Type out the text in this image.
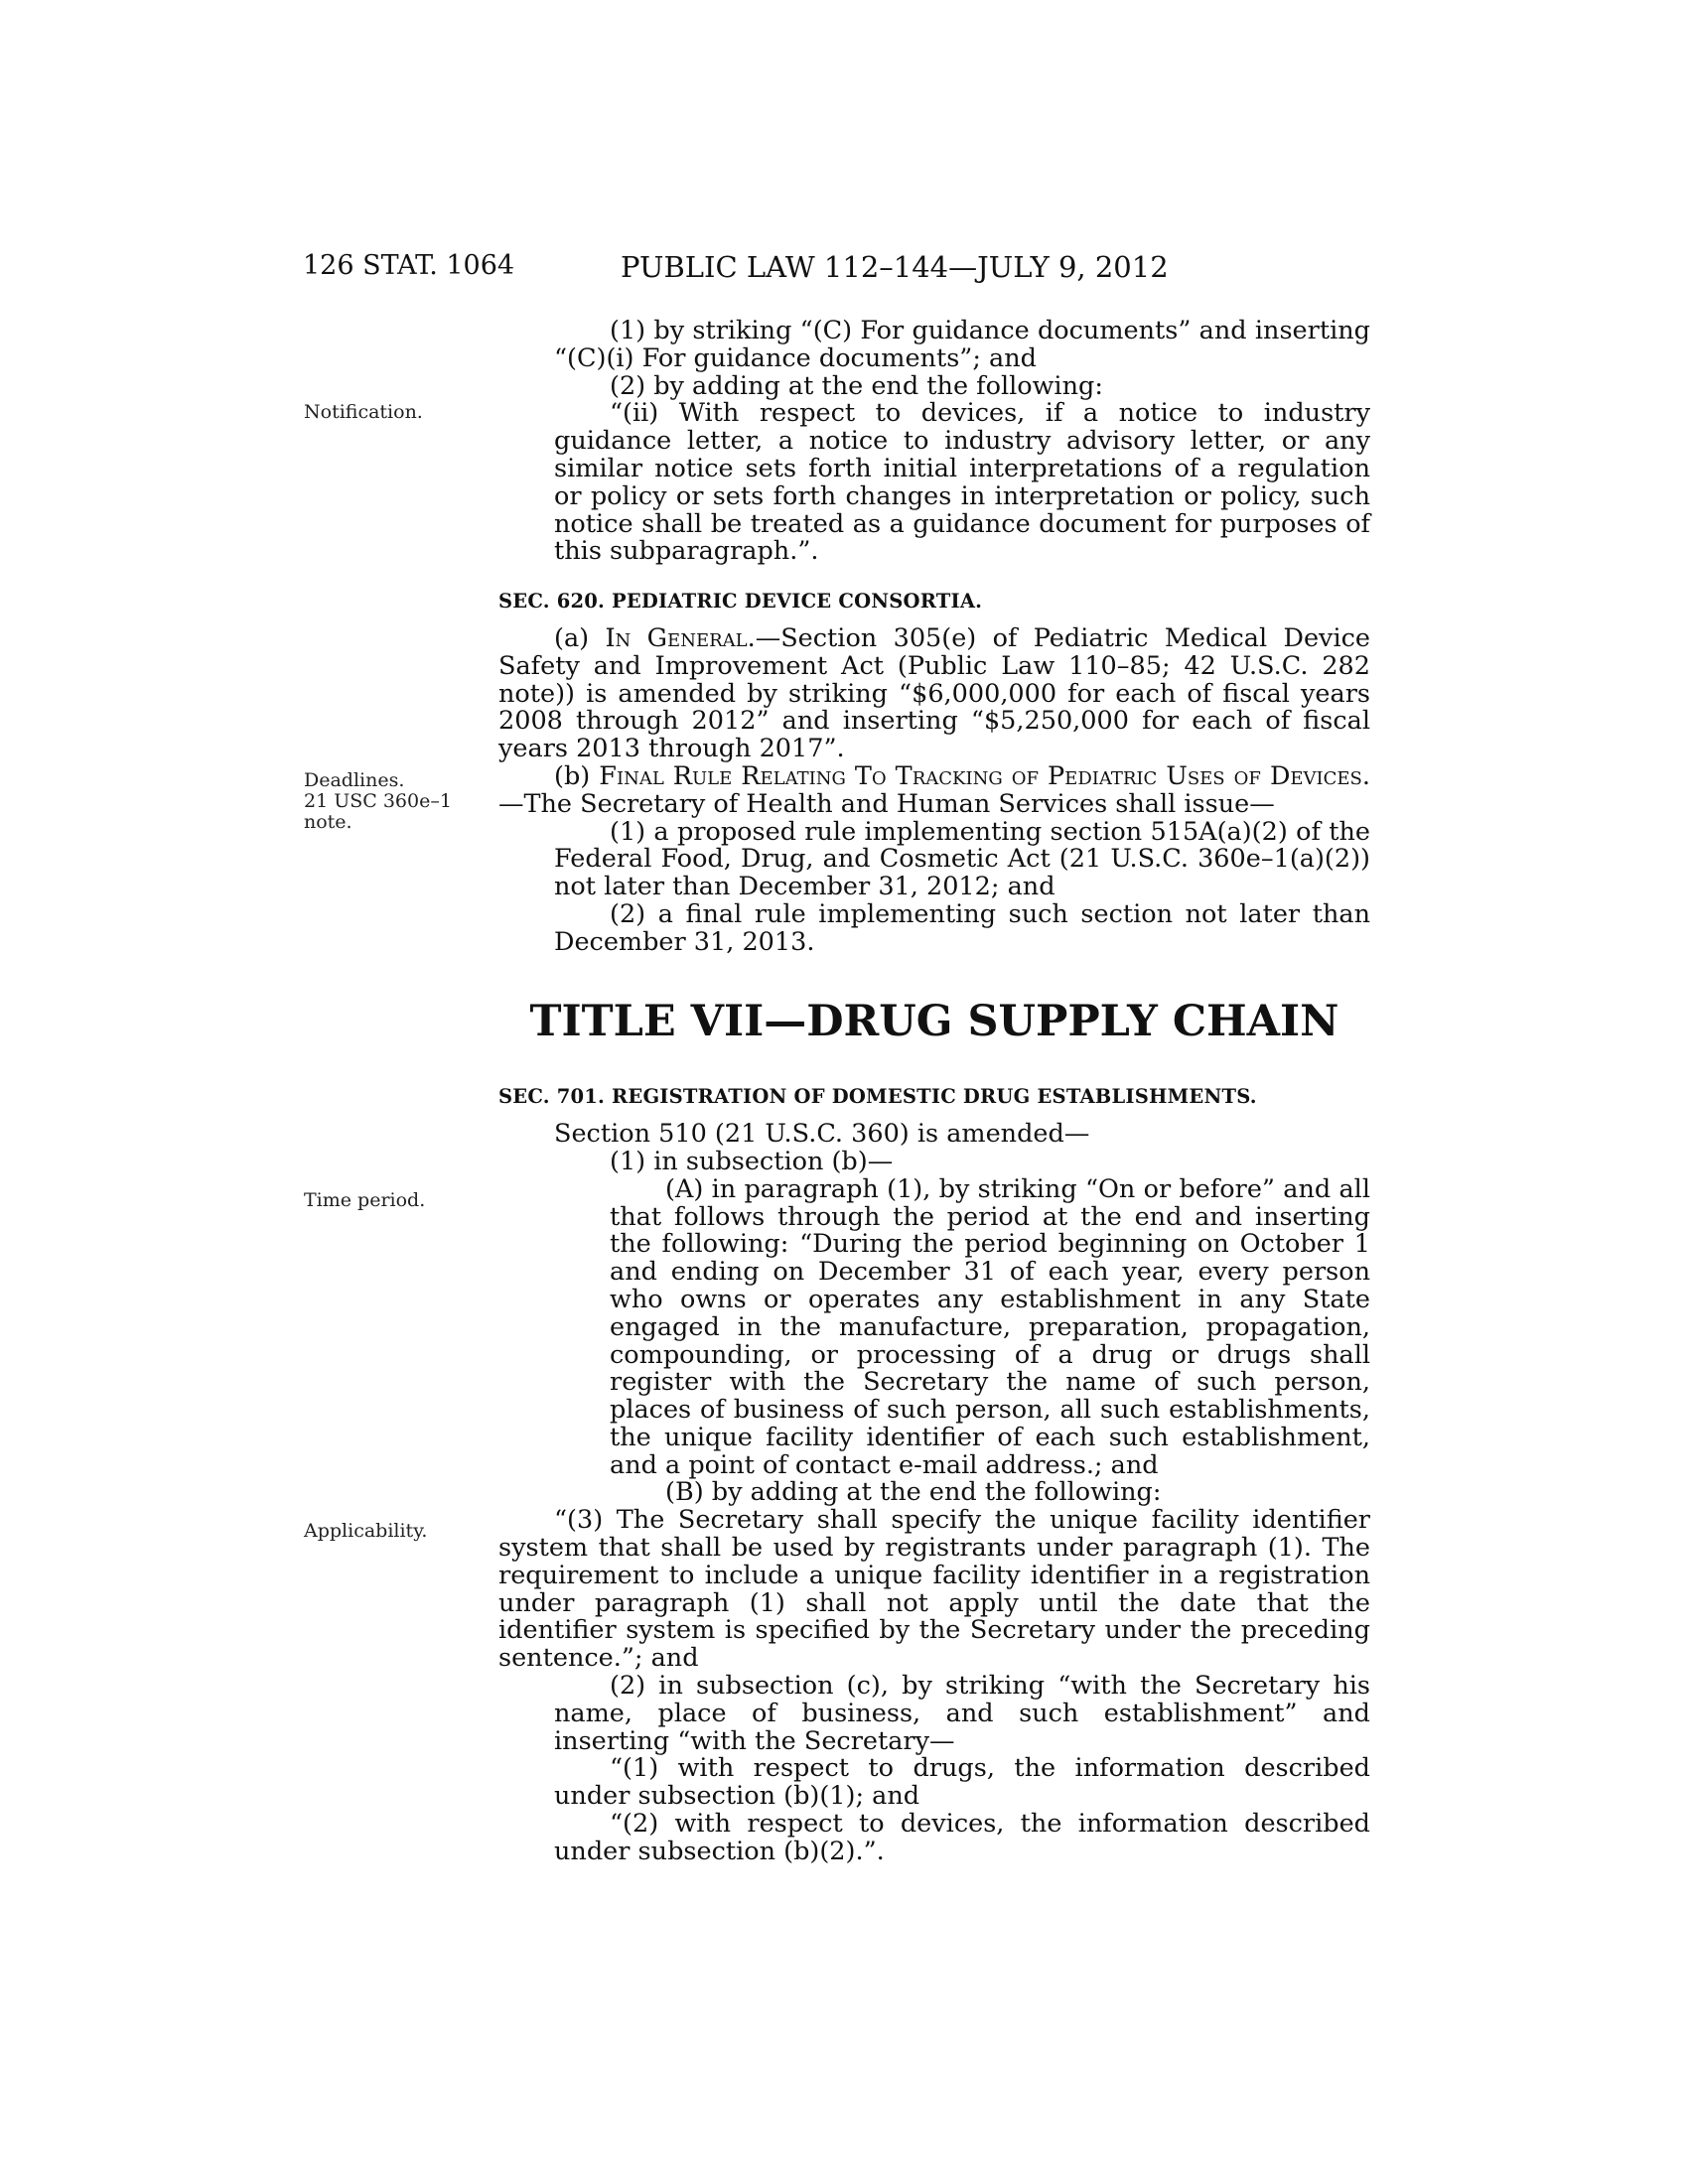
126 STAT. 1064	PUBLIC LAW 112–144—JULY 9, 2012
Notification.
Deadlines.
21 USC 360e–1
note.
Time period.
Applicability.

(1) by striking “(C) For guidance documents” and inserting “(C)(i) For guidance documents”; and

(2) by adding at the end the following:

“(ii) With respect to devices, if a notice to industry guidance letter, a notice to industry advisory letter, or any similar notice sets forth initial interpretations of a regulation or policy or sets forth changes in interpretation or policy, such notice shall be treated as a guidance document for purposes of this subparagraph.”.

SEC. 620. PEDIATRIC DEVICE CONSORTIA.

(a) In General.—Section 305(e) of Pediatric Medical Device Safety and Improvement Act (Public Law 110–85; 42 U.S.C. 282 note)) is amended by striking “$6,000,000 for each of fiscal years 2008 through 2012” and inserting “$5,250,000 for each of fiscal years 2013 through 2017”.

(b) Final Rule Relating To Tracking of Pediatric Uses of Devices.—The Secretary of Health and Human Services shall issue—

(1) a proposed rule implementing section 515A(a)(2) of the Federal Food, Drug, and Cosmetic Act (21 U.S.C. 360e–1(a)(2)) not later than December 31, 2012; and

(2) a final rule implementing such section not later than December 31, 2013.

TITLE VII—DRUG SUPPLY CHAIN

SEC. 701. REGISTRATION OF DOMESTIC DRUG ESTABLISHMENTS.

Section 510 (21 U.S.C. 360) is amended—

(1) in subsection (b)—

(A) in paragraph (1), by striking “On or before” and all that follows through the period at the end and inserting the following: “During the period beginning on October 1 and ending on December 31 of each year, every person who owns or operates any establishment in any State engaged in the manufacture, preparation, propagation, compounding, or processing of a drug or drugs shall register with the Secretary the name of such person, places of business of such person, all such establishments, the unique facility identifier of each such establishment, and a point of contact e-mail address.; and

(B) by adding at the end the following:

“(3) The Secretary shall specify the unique facility identifier system that shall be used by registrants under paragraph (1). The requirement to include a unique facility identifier in a registration under paragraph (1) shall not apply until the date that the identifier system is specified by the Secretary under the preceding sentence.”; and

(2) in subsection (c), by striking “with the Secretary his name, place of business, and such establishment” and inserting “with the Secretary—

“(1) with respect to drugs, the information described under subsection (b)(1); and

“(2) with respect to devices, the information described under subsection (b)(2).”.
